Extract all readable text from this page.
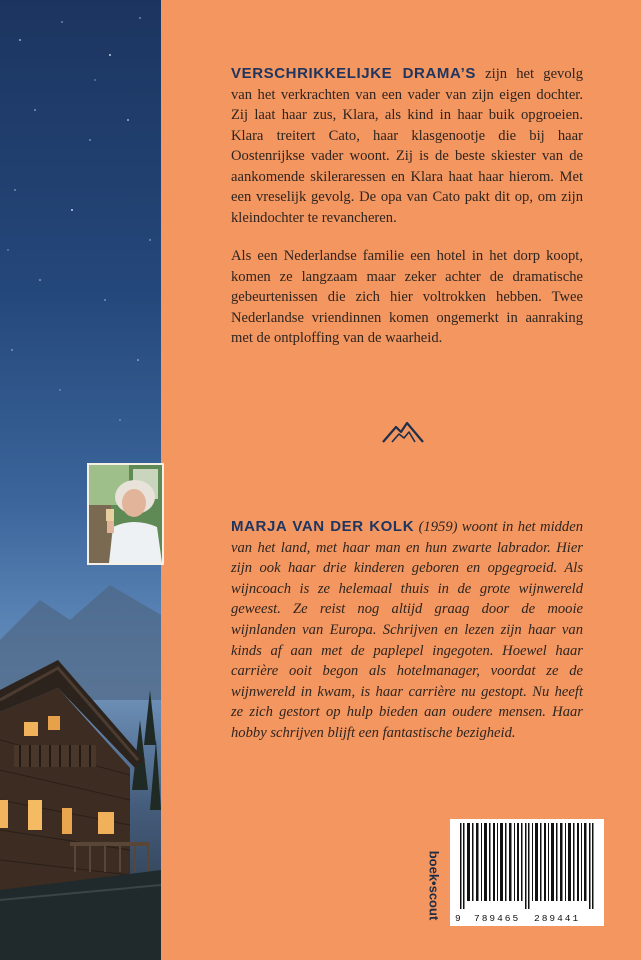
VERSCHRIKKELIJKE DRAMA’S zijn het gevolg van het verkrachten van een vader van zijn eigen dochter. Zij laat haar zus, Klara, als kind in haar buik opgroeien. Klara treitert Cato, haar klasgenootje die bij haar Oostenrijkse vader woont. Zij is de beste skiester van de aankomende skileraressen en Klara haat haar hierom. Met een vreselijk gevolg. De opa van Cato pakt dit op, om zijn kleindochter te revancheren.

Als een Nederlandse familie een hotel in het dorp koopt, komen ze langzaam maar zeker achter de dramatische gebeurtenissen die zich hier voltrokken hebben. Twee Nederlandse vriendinnen komen ongemerkt in aanraking met de ontploffing van de waarheid.

MARJA VAN DER KOLK (1959) woont in het midden van het land, met haar man en hun zwarte labrador. Hier zijn ook haar drie kinderen geboren en opgegroeid. Als wijncoach is ze helemaal thuis in de grote wijnwereld geweest. Ze reist nog altijd graag door de mooie wijnlanden van Europa. Schrijven en lezen zijn haar van kinds af aan met de paplepel ingegoten. Hoewel haar carrière ooit begon als hotelmanager, voordat ze de wijnwereld in kwam, is haar carrière nu gestopt. Nu heeft ze zich gestort op hulp bieden aan oudere mensen. Haar hobby schrijven blijft een fantastische bezigheid.
boek•scout 9 789465 289441
